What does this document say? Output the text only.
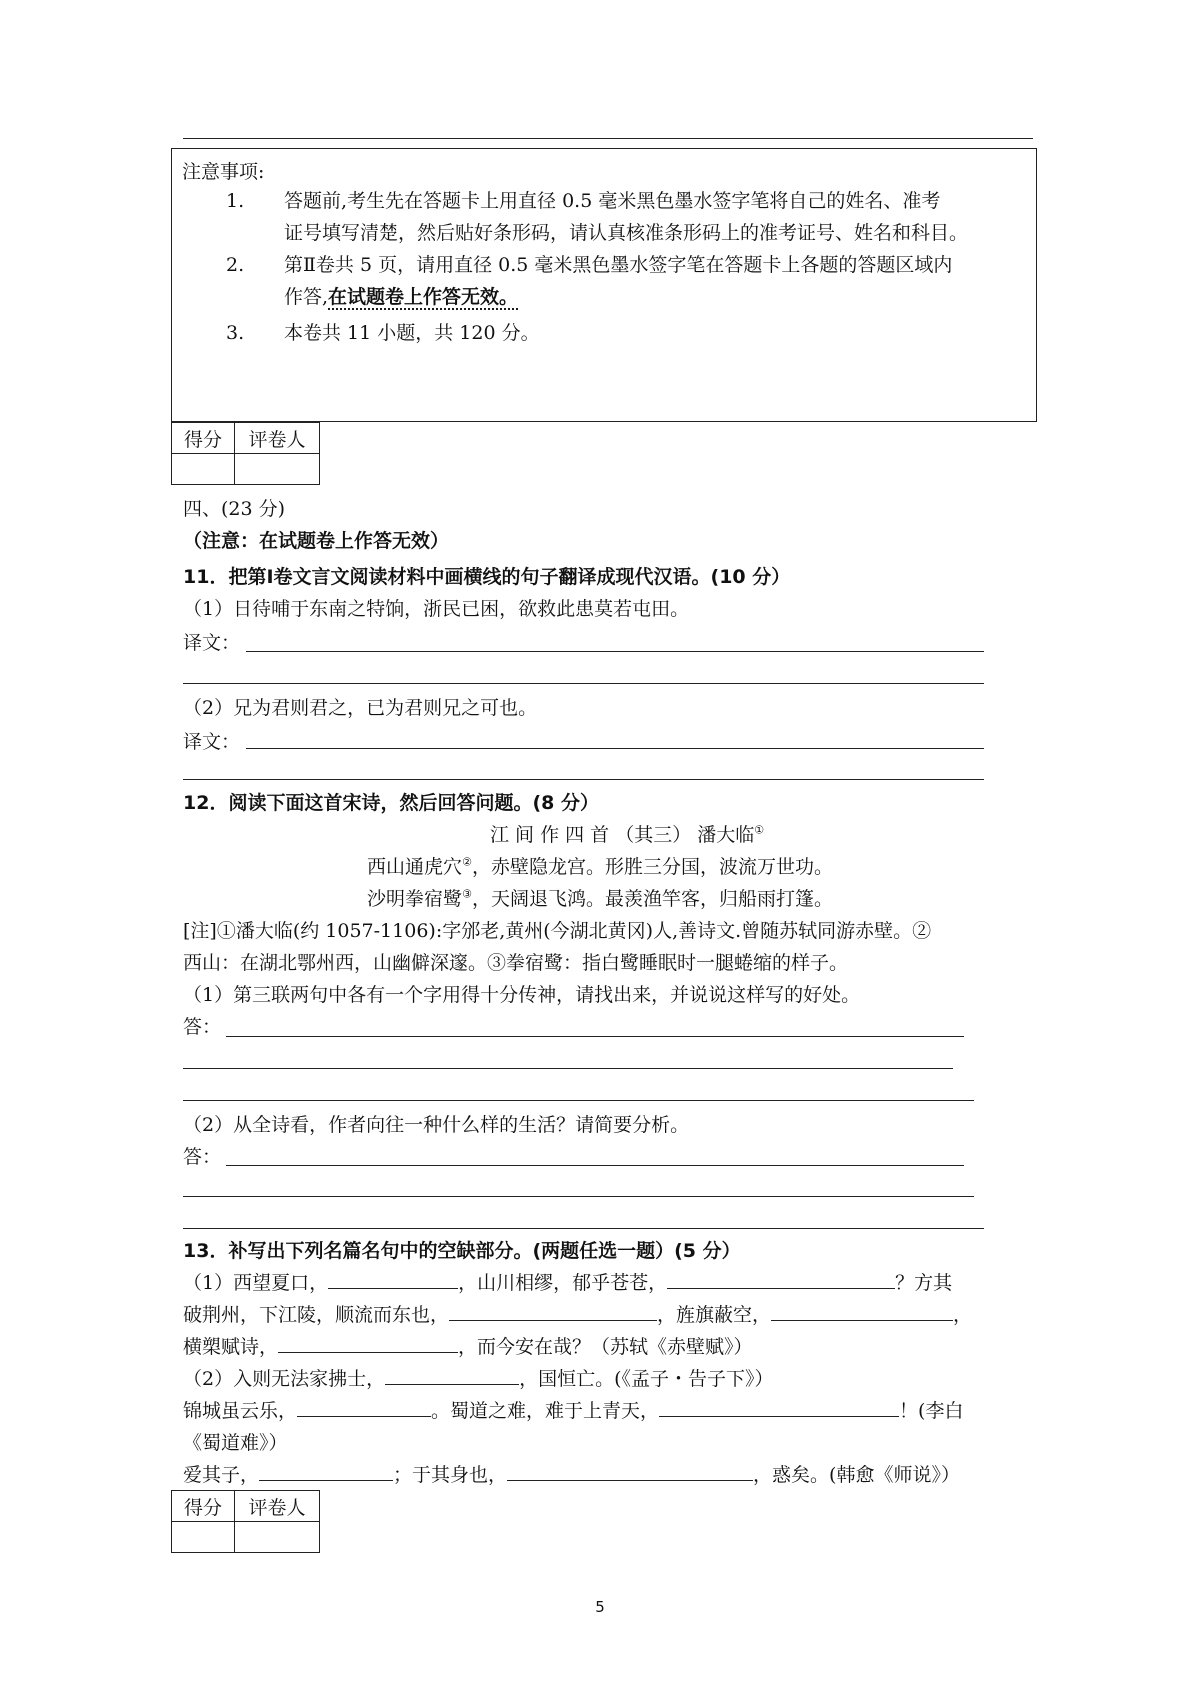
注意事项:
1. 答题前,考生先在答题卡上用直径 0.5 毫米黑色墨水签字笔将自己的姓名、准考
证号填写清楚，然后贴好条形码，请认真核准条形码上的准考证号、姓名和科目。
2. 第Ⅱ卷共 5 页，请用直径 0.5 毫米黑色墨水签字笔在答题卡上各题的答题区域内
作答,在试题卷上作答无效。
3. 本卷共 11 小题，共 120 分。
得分	评卷人

四、(23 分)
（注意：在试题卷上作答无效）
11．把第Ⅰ卷文言文阅读材料中画横线的句子翻译成现代汉语。(10 分）
（1）日待哺于东南之特饷，浙民已困，欲救此患莫若屯田。
译文：
（2）兄为君则君之，已为君则兄之可也。
译文：
12．阅读下面这首宋诗，然后回答问题。(8 分）
江 间 作 四 首 （其三） 潘大临①
西山通虎穴②，赤壁隐龙宫。形胜三分国，波流万世功。
沙明拳宿鹭③，天阔退飞鸿。最羡渔竿客，归船雨打篷。
[注]①潘大临(约 1057-1106):字邠老,黄州(今湖北黄冈)人,善诗文.曾随苏轼同游赤壁。②
西山：在湖北鄂州西，山幽僻深邃。③拳宿鹭：指白鹭睡眠时一腿蜷缩的样子。
（1）第三联两句中各有一个字用得十分传神，请找出来，并说说这样写的好处。
答：
（2）从全诗看，作者向往一种什么样的生活？请简要分析。
答：
13．补写出下列名篇名句中的空缺部分。(两题任选一题）(5 分）
（1）西望夏口，	，山川相缪，郁乎苍苍，	？方其
破荆州，下江陵，顺流而东也，	，旌旗蔽空，	，
横槊赋诗，	，而今安在哉？（苏轼《赤壁赋》）
（2）入则无法家拂士，	，国恒亡。(《孟子・告子下》）
锦城虽云乐，	。蜀道之难，难于上青天，	！(李白
《蜀道难》）
爱其子，	；于其身也，	，惑矣。(韩愈《师说》）
得分	评卷人

5
